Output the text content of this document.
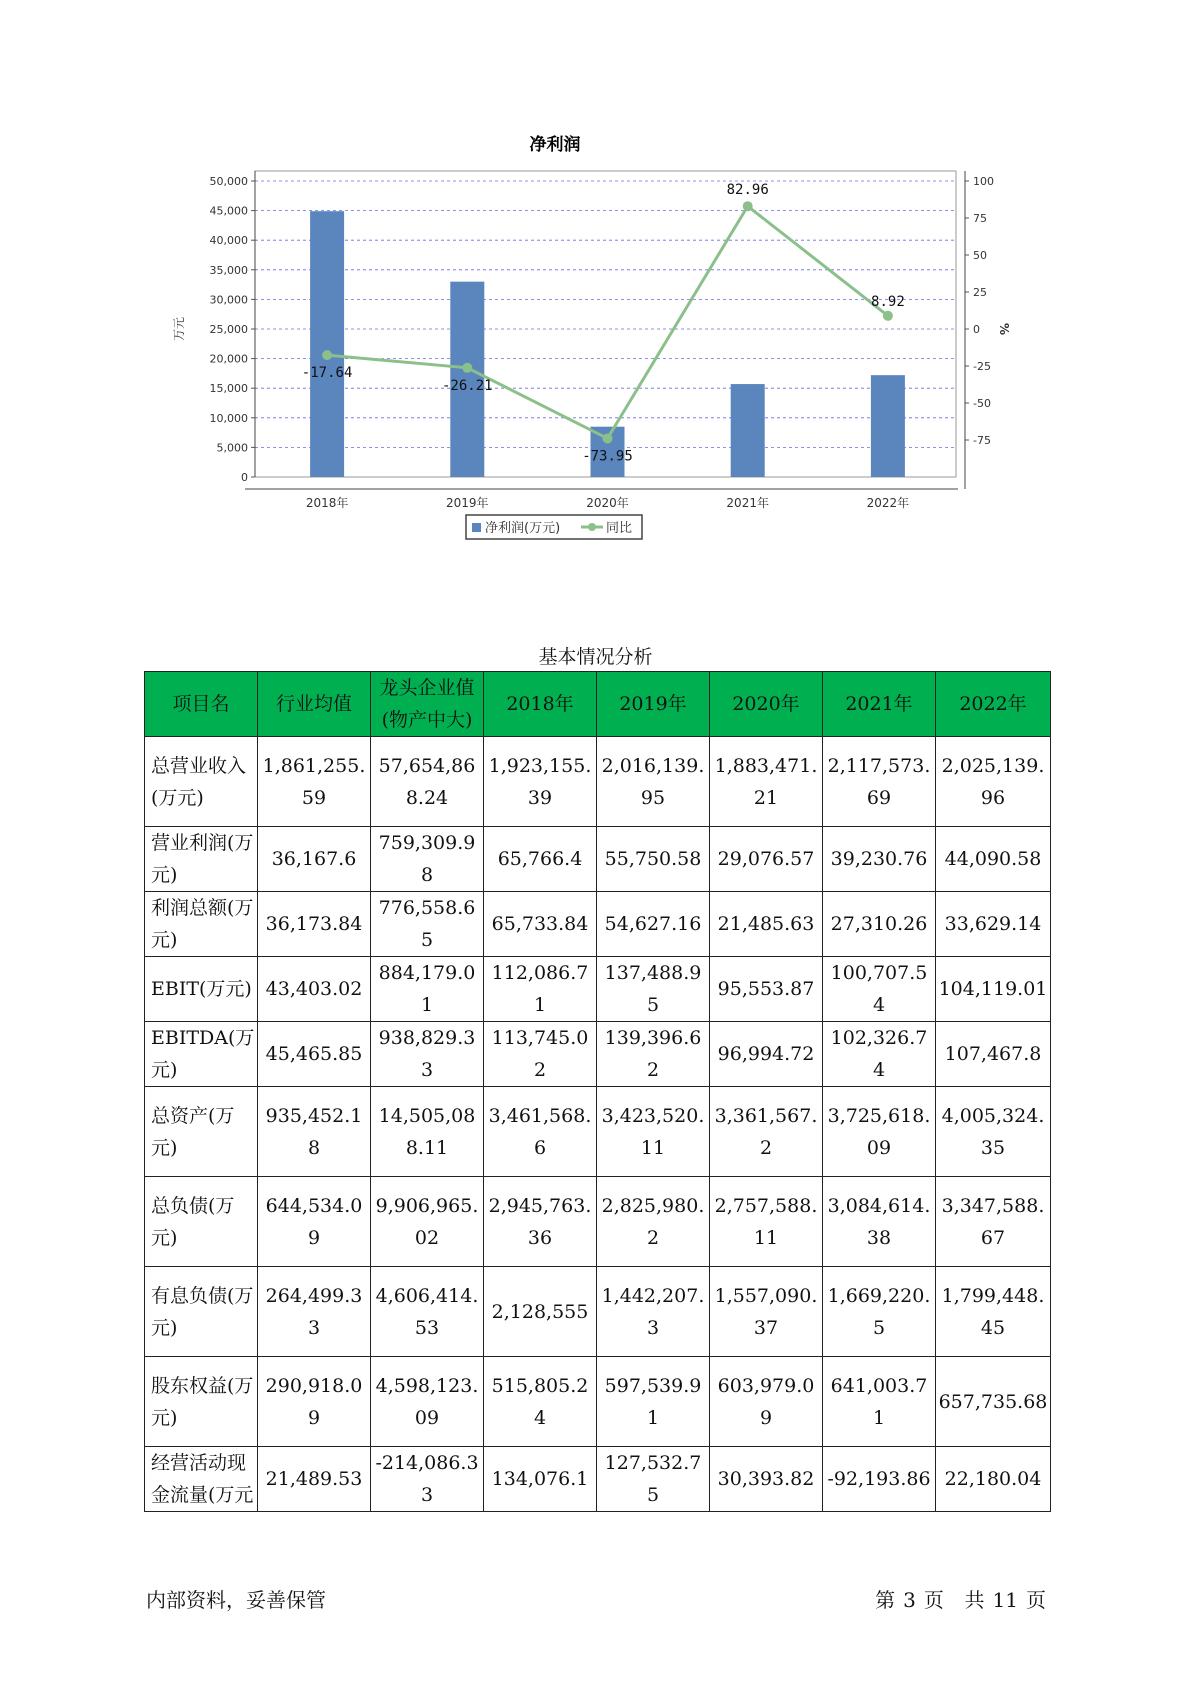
净利润
0
5,000
10,000
15,000
20,000
25,000
30,000
35,000
40,000
45,000
50,000
-75
-50
-25
0
25
50
75
100
万元	%
2018年	2019年	2020年	2021年	2022年
-17.64
-26.21
-73.95
82.96
8.92
净利润(万元)	同比
基本情况分析
项目名	行业均值	龙头企业值(物产中大)	2018年	2019年	2020年	2021年	2022年
总营业收入(万元)	1,861,255.59	57,654,868.24	1,923,155.39	2,016,139.95	1,883,471.21	2,117,573.69	2,025,139.96
营业利润(万元)	36,167.6	759,309.98	65,766.4	55,750.58	29,076.57	39,230.76	44,090.58
利润总额(万元)	36,173.84	776,558.65	65,733.84	54,627.16	21,485.63	27,310.26	33,629.14
EBIT(万元)	43,403.02	884,179.01	112,086.71	137,488.95	95,553.87	100,707.54	104,119.01
EBITDA(万元)	45,465.85	938,829.33	113,745.02	139,396.62	96,994.72	102,326.74	107,467.8
总资产(万元)	935,452.18	14,505,088.11	3,461,568.6	3,423,520.11	3,361,567.2	3,725,618.09	4,005,324.35
总负债(万元)	644,534.09	9,906,965.02	2,945,763.36	2,825,980.2	2,757,588.11	3,084,614.38	3,347,588.67
有息负债(万元)	264,499.33	4,606,414.53	2,128,555	1,442,207.3	1,557,090.37	1,669,220.5	1,799,448.45
股东权益(万元)	290,918.09	4,598,123.09	515,805.24	597,539.91	603,979.09	641,003.71	657,735.68
经营活动现金流量(万元	21,489.53	-214,086.33	134,076.1	127,532.75	30,393.82	-92,193.86	22,180.04
内部资料，妥善保管	第 3 页 共 11 页
